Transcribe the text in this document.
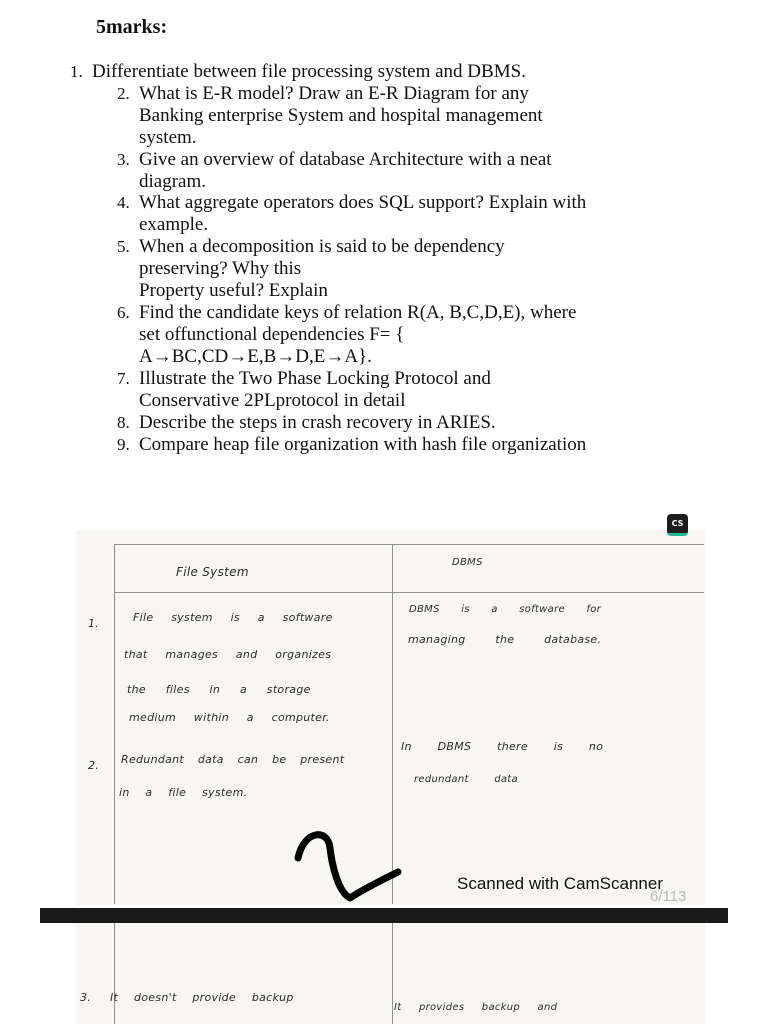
5marks:
1. Differentiate between file processing system and DBMS.
2. What is E-R model? Draw an E-R Diagram for any
Banking enterprise System and hospital management
system.
3. Give an overview of database Architecture with a neat
diagram.
4. What aggregate operators does SQL support? Explain with
example.
5. When a decomposition is said to be dependency
preserving? Why this
Property useful? Explain
6. Find the candidate keys of relation R(A, B,C,D,E), where
set offunctional dependencies F= {
A→BC,CD→E,B→D,E→A}.
7. Illustrate the Two Phase Locking Protocol and
Conservative 2PLprotocol in detail
8. Describe the steps in crash recovery in ARIES.
9. Compare heap file organization with hash file organization
CS
File System
DBMS
1.	File system is a software
that manages and organizes
the files in a storage
medium within a computer.
DBMS is a software for
managing the database.
2. Redundant data can be present
in a file system.
In DBMS there is no
redundant data
Scanned with CamScanner
6/113
3. It doesn't provide backup
It provides backup and
